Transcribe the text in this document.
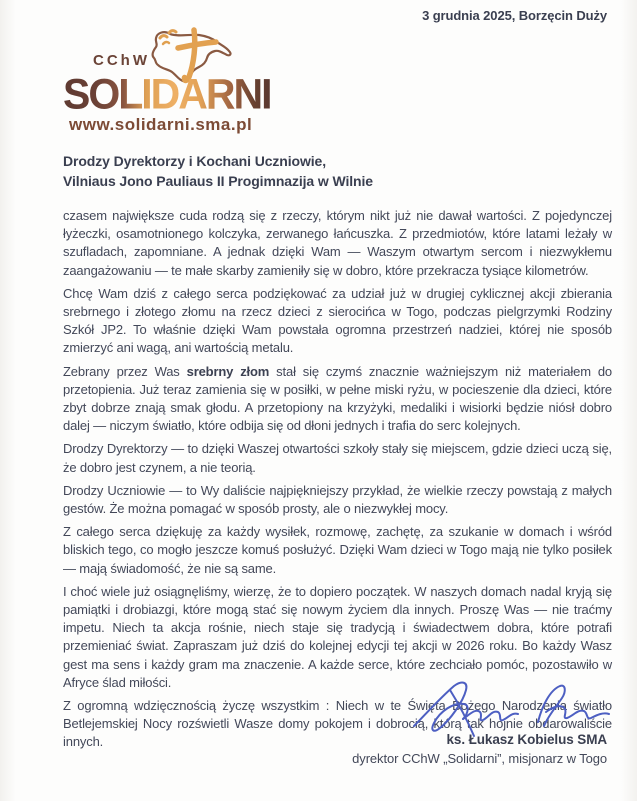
3 grudnia 2025, Borzęcin Duży
CChW
SOLIDARNI
www.solidarni.sma.pl
Drodzy Dyrektorzy i Kochani Uczniowie,
Vilniaus Jono Pauliaus II Progimnazija w Wilnie

czasem największe cuda rodzą się z rzeczy, którym nikt już nie dawał wartości. Z pojedynczej łyżeczki, osamotnionego kolczyka, zerwanego łańcuszka. Z przedmiotów, które latami leżały w szufladach, zapomniane. A jednak dzięki Wam — Waszym otwartym sercom i niezwykłemu zaangażowaniu — te małe skarby zamieniły się w dobro, które przekracza tysiące kilometrów.

Chcę Wam dziś z całego serca podziękować za udział już w drugiej cyklicznej akcji zbierania srebrnego i złotego złomu na rzecz dzieci z sierocińca w Togo, podczas pielgrzymki Rodziny Szkół JP2. To właśnie dzięki Wam powstała ogromna przestrzeń nadziei, której nie sposób zmierzyć ani wagą, ani wartością metalu.

Zebrany przez Was srebrny złom stał się czymś znacznie ważniejszym niż materiałem do przetopienia. Już teraz zamienia się w posiłki, w pełne miski ryżu, w pocieszenie dla dzieci, które zbyt dobrze znają smak głodu. A przetopiony na krzyżyki, medaliki i wisiorki będzie niósł dobro dalej — niczym światło, które odbija się od dłoni jednych i trafia do serc kolejnych.

Drodzy Dyrektorzy — to dzięki Waszej otwartości szkoły stały się miejscem, gdzie dzieci uczą się, że dobro jest czynem, a nie teorią.

Drodzy Uczniowie — to Wy daliście najpiękniejszy przykład, że wielkie rzeczy powstają z małych gestów. Że można pomagać w sposób prosty, ale o niezwykłej mocy.

Z całego serca dziękuję za każdy wysiłek, rozmowę, zachętę, za szukanie w domach i wśród bliskich tego, co mogło jeszcze komuś posłużyć. Dzięki Wam dzieci w Togo mają nie tylko posiłek — mają świadomość, że nie są same.

I choć wiele już osiągnęliśmy, wierzę, że to dopiero początek. W naszych domach nadal kryją się pamiątki i drobiazgi, które mogą stać się nowym życiem dla innych. Proszę Was — nie traćmy impetu. Niech ta akcja rośnie, niech staje się tradycją i świadectwem dobra, które potrafi przemieniać świat. Zapraszam już dziś do kolejnej edycji tej akcji w 2026 roku. Bo każdy Wasz gest ma sens i każdy gram ma znaczenie. A każde serce, które zechciało pomóc, pozostawiło w Afryce ślad miłości.

Z ogromną wdzięcznością życzę wszystkim : Niech w te Święta Bożego Narodzenia światło Betlejemskiej Nocy rozświetli Wasze domy pokojem i dobrocią, którą tak hojnie obdarowaliście innych.	ks. Łukasz Kobielus SMA
dyrektor CChW „Solidarni”, misjonarz w Togo
